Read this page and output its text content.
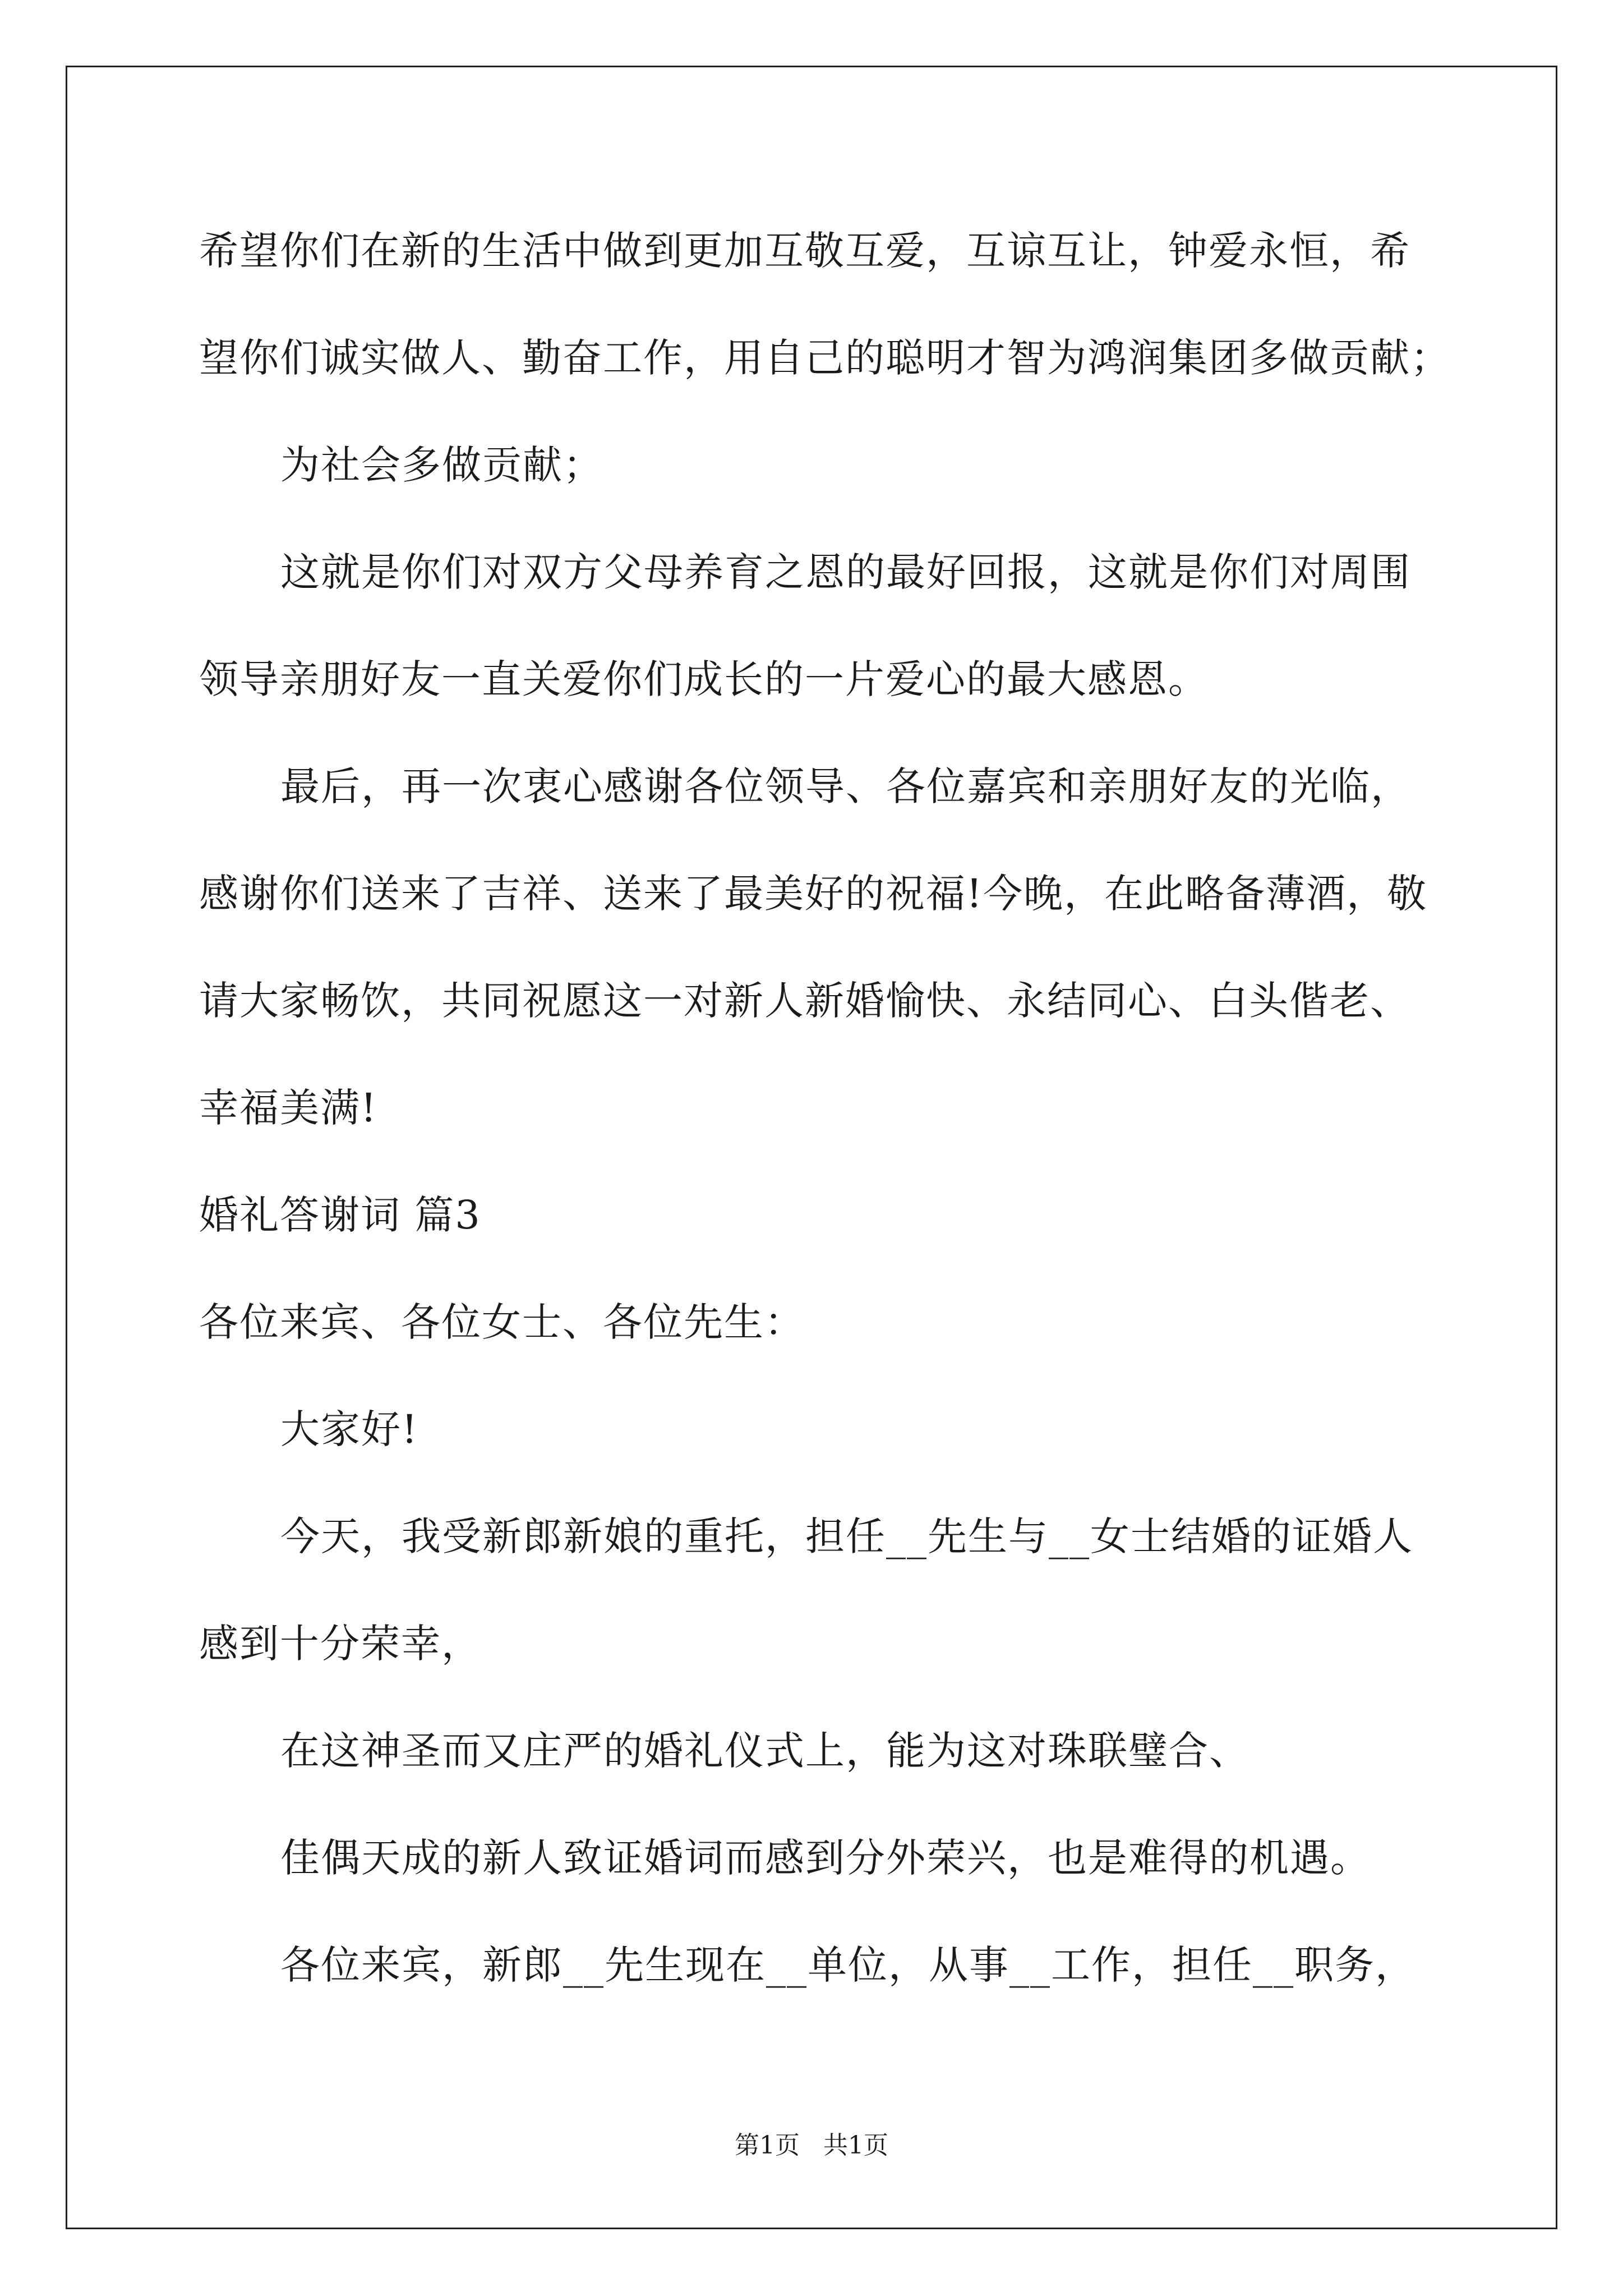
希望你们在新的生活中做到更加互敬互爱，互谅互让，钟爱永恒，希
望你们诚实做人、勤奋工作，用自己的聪明才智为鸿润集团多做贡献；
为社会多做贡献；
这就是你们对双方父母养育之恩的最好回报，这就是你们对周围
领导亲朋好友一直关爱你们成长的一片爱心的最大感恩。
最后，再一次衷心感谢各位领导、各位嘉宾和亲朋好友的光临，
感谢你们送来了吉祥、送来了最美好的祝福!今晚，在此略备薄酒，敬
请大家畅饮，共同祝愿这一对新人新婚愉快、永结同心、白头偕老、
幸福美满!
婚礼答谢词 篇3
各位来宾、各位女士、各位先生：
大家好!
今天，我受新郎新娘的重托，担任__先生与__女士结婚的证婚人
感到十分荣幸，
在这神圣而又庄严的婚礼仪式上，能为这对珠联璧合、
佳偶天成的新人致证婚词而感到分外荣兴，也是难得的机遇。
各位来宾，新郎__先生现在__单位，从事__工作，担任__职务，
第1页   共1页
